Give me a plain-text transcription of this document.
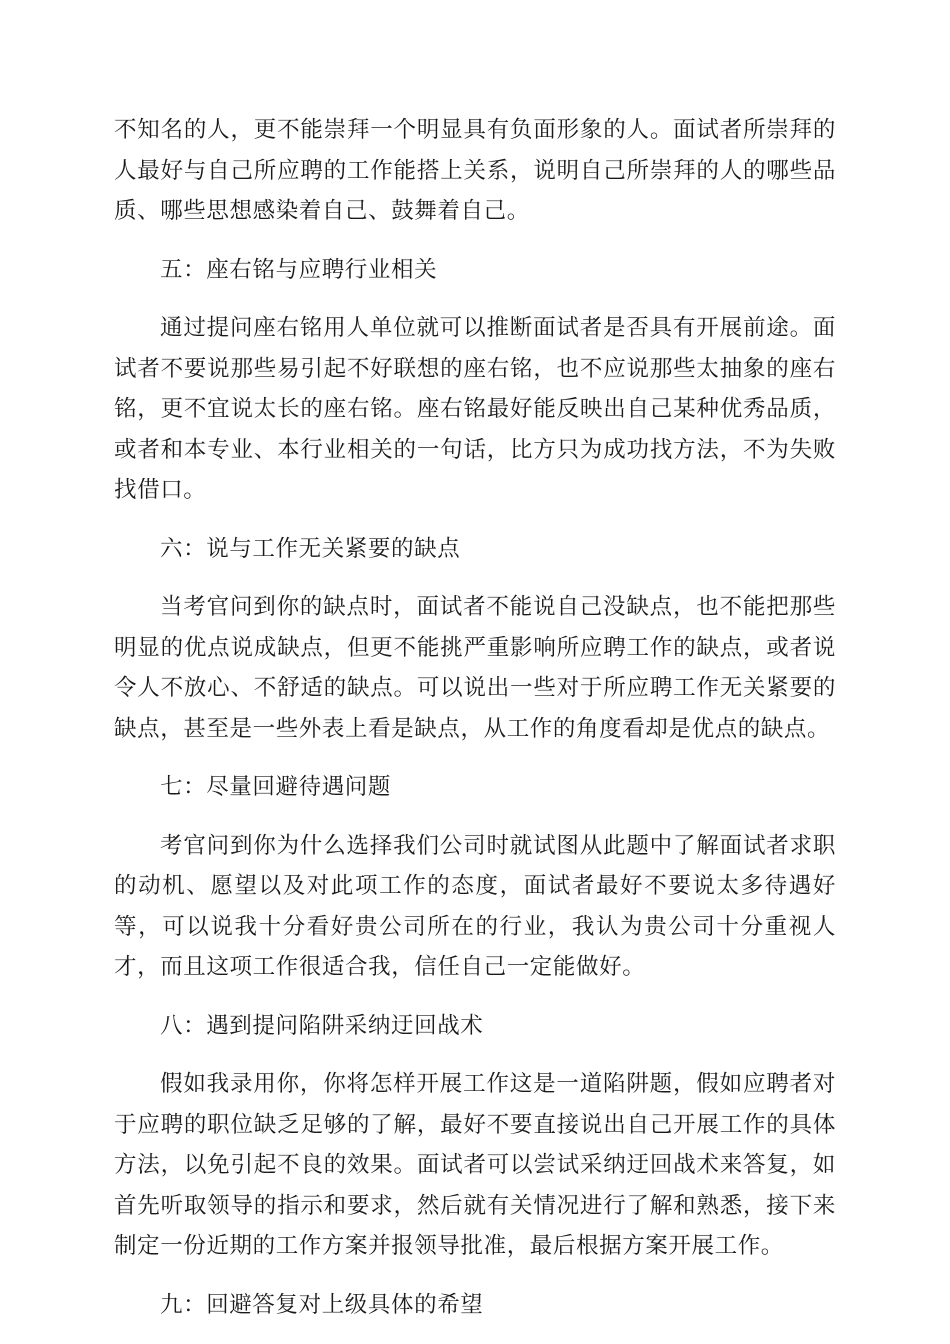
不知名的人，更不能崇拜一个明显具有负面形象的人。面试者所崇拜的人最好与自己所应聘的工作能搭上关系，说明自己所崇拜的人的哪些品质、哪些思想感染着自己、鼓舞着自己。

五：座右铭与应聘行业相关

通过提问座右铭用人单位就可以推断面试者是否具有开展前途。面试者不要说那些易引起不好联想的座右铭，也不应说那些太抽象的座右铭，更不宜说太长的座右铭。座右铭最好能反映出自己某种优秀品质，或者和本专业、本行业相关的一句话，比方只为成功找方法，不为失败找借口。

六：说与工作无关紧要的缺点

当考官问到你的缺点时，面试者不能说自己没缺点，也不能把那些明显的优点说成缺点，但更不能挑严重影响所应聘工作的缺点，或者说令人不放心、不舒适的缺点。可以说出一些对于所应聘工作无关紧要的缺点，甚至是一些外表上看是缺点，从工作的角度看却是优点的缺点。

七：尽量回避待遇问题

考官问到你为什么选择我们公司时就试图从此题中了解面试者求职的动机、愿望以及对此项工作的态度，面试者最好不要说太多待遇好等，可以说我十分看好贵公司所在的行业，我认为贵公司十分重视人才，而且这项工作很适合我，信任自己一定能做好。

八：遇到提问陷阱采纳迂回战术

假如我录用你，你将怎样开展工作这是一道陷阱题，假如应聘者对于应聘的职位缺乏足够的了解，最好不要直接说出自己开展工作的具体方法，以免引起不良的效果。面试者可以尝试采纳迂回战术来答复，如首先听取领导的指示和要求，然后就有关情况进行了解和熟悉，接下来制定一份近期的工作方案并报领导批准，最后根据方案开展工作。

九：回避答复对上级具体的希望
